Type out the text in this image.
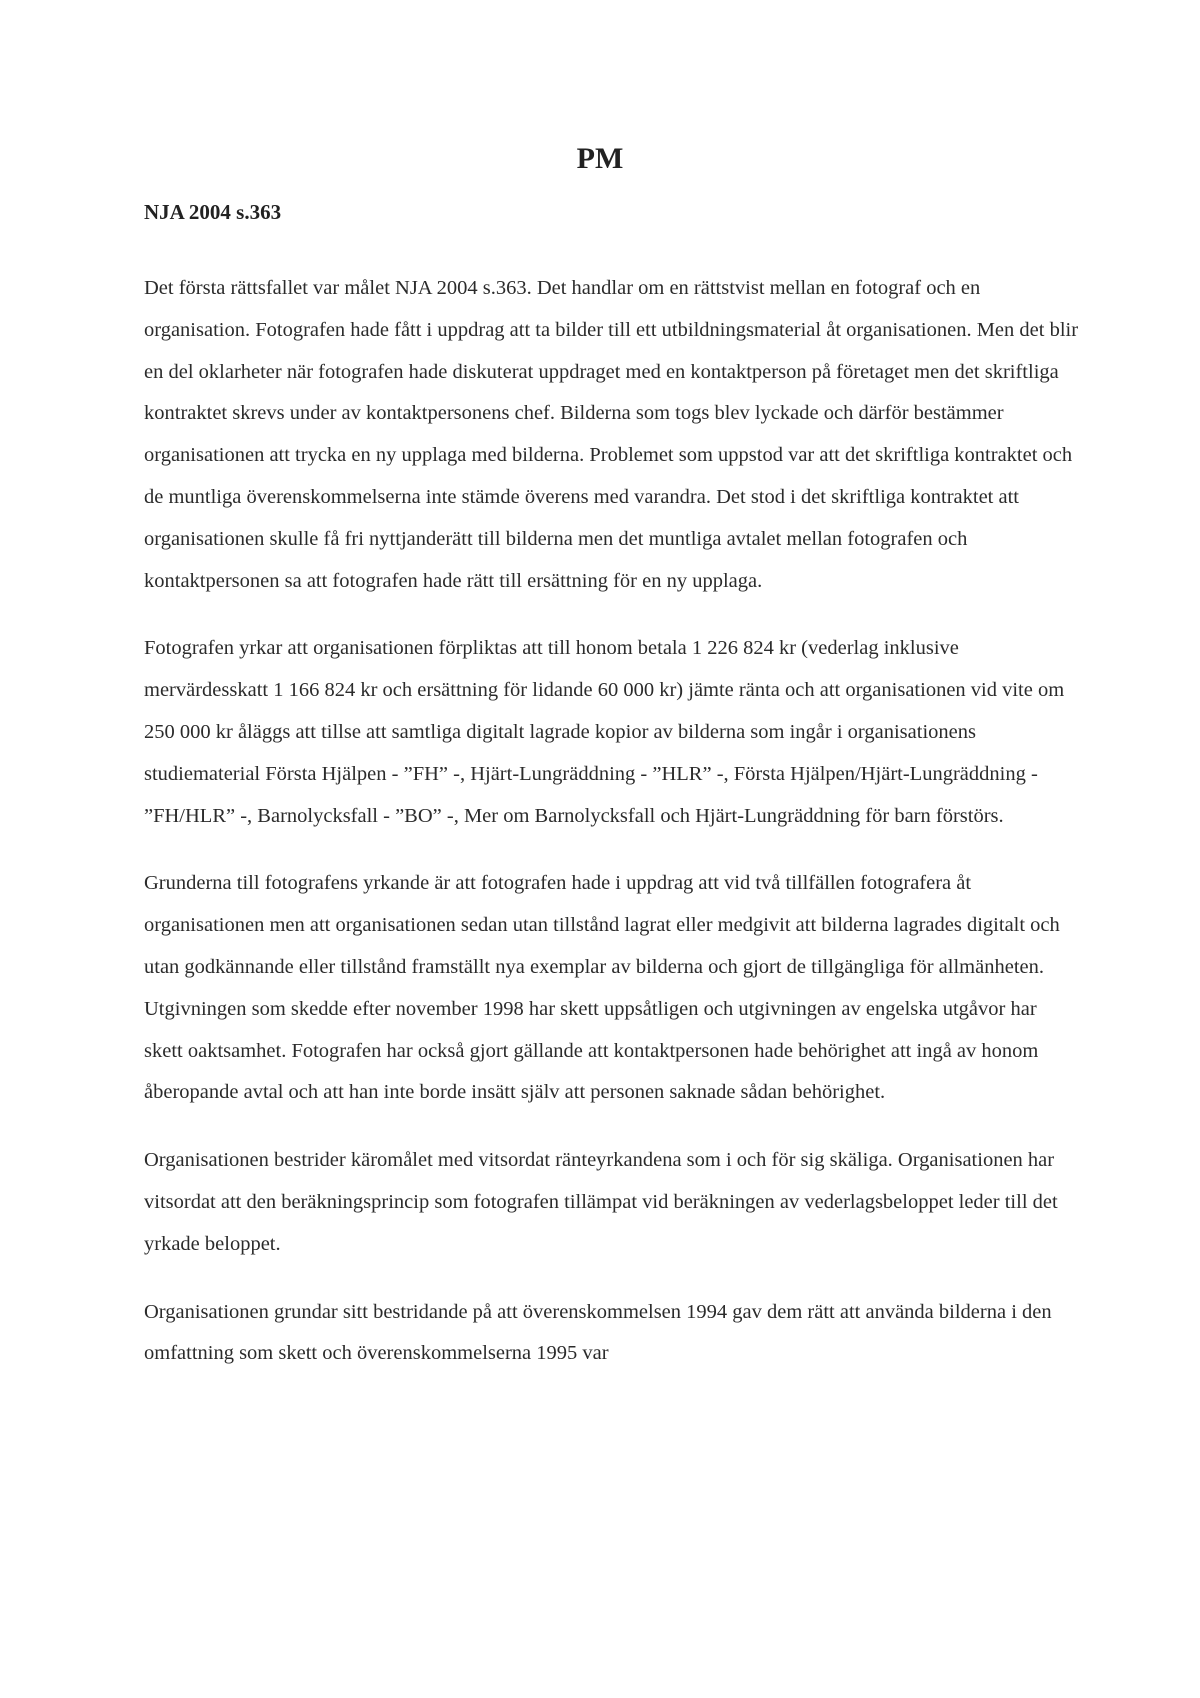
PM
NJA 2004 s.363

Det första rättsfallet var målet NJA 2004 s.363. Det handlar om en rättstvist mellan en fotograf och en organisation. Fotografen hade fått i uppdrag att ta bilder till ett utbildningsmaterial åt organisationen. Men det blir en del oklarheter när fotografen hade diskuterat uppdraget med en kontaktperson på företaget men det skriftliga kontraktet skrevs under av kontaktpersonens chef. Bilderna som togs blev lyckade och därför bestämmer organisationen att trycka en ny upplaga med bilderna. Problemet som uppstod var att det skriftliga kontraktet och de muntliga överenskommelserna inte stämde överens med varandra. Det stod i det skriftliga kontraktet att organisationen skulle få fri nyttjanderätt till bilderna men det muntliga avtalet mellan fotografen och kontaktpersonen sa att fotografen hade rätt till ersättning för en ny upplaga.

Fotografen yrkar att organisationen förpliktas att till honom betala 1 226 824 kr (vederlag inklusive mervärdesskatt 1 166 824 kr och ersättning för lidande 60 000 kr) jämte ränta och att organisationen vid vite om 250 000 kr åläggs att tillse att samtliga digitalt lagrade kopior av bilderna som ingår i organisationens studiematerial Första Hjälpen - ”FH” -, Hjärt-Lungräddning - ”HLR” -, Första Hjälpen/Hjärt-Lungräddning - ”FH/HLR” -, Barnolycksfall - ”BO” -, Mer om Barnolycksfall och Hjärt-Lungräddning för barn förstörs.

Grunderna till fotografens yrkande är att fotografen hade i uppdrag att vid två tillfällen fotografera åt organisationen men att organisationen sedan utan tillstånd lagrat eller medgivit att bilderna lagrades digitalt och utan godkännande eller tillstånd framställt nya exemplar av bilderna och gjort de tillgängliga för allmänheten. Utgivningen som skedde efter november 1998 har skett uppsåtligen och utgivningen av engelska utgåvor har skett oaktsamhet. Fotografen har också gjort gällande att kontaktpersonen hade behörighet att ingå av honom åberopande avtal och att han inte borde insätt själv att personen saknade sådan behörighet.

Organisationen bestrider käromålet med vitsordat ränteyrkandena som i och för sig skäliga. Organisationen har vitsordat att den beräkningsprincip som fotografen tillämpat vid beräkningen av vederlagsbeloppet leder till det yrkade beloppet.

Organisationen grundar sitt bestridande på att överenskommelsen 1994 gav dem rätt att använda bilderna i den omfattning som skett och överenskommelserna 1995 var
